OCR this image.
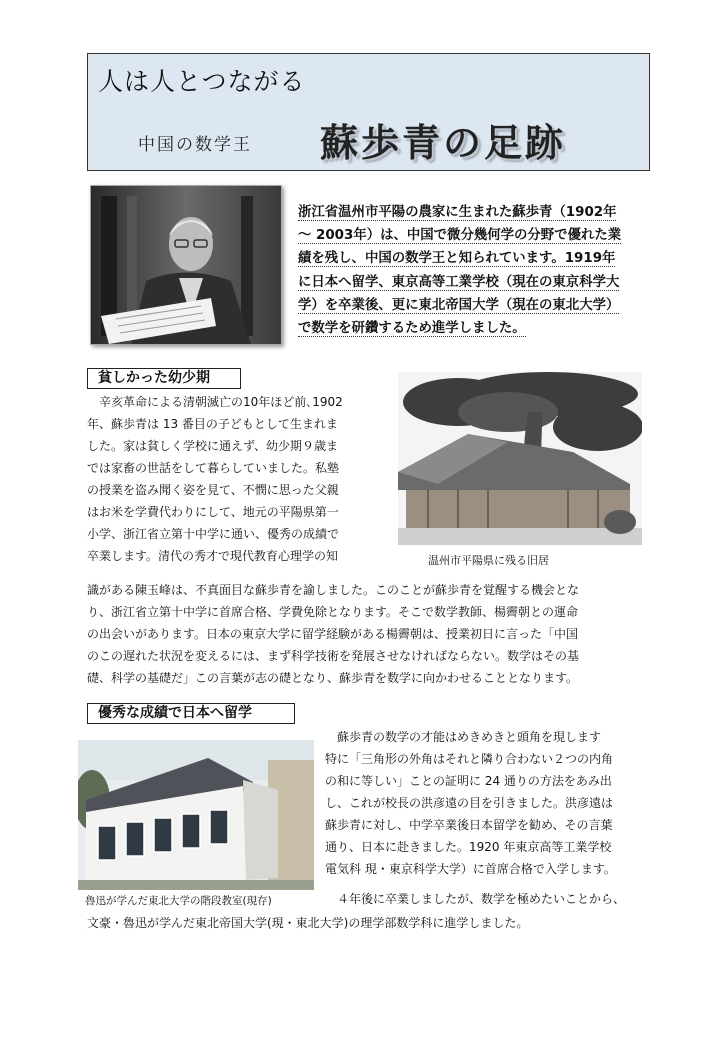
人は人とつながる
中国の数学王 蘇歩青の足跡
浙江省温州市平陽の農家に生まれた蘇歩青（1902年
～ 2003年）は、中国で微分幾何学の分野で優れた業
績を残し、中国の数学王と知られています。1919年
に日本へ留学、東京高等工業学校（現在の東京科学大
学）を卒業後、更に東北帝国大学（現在の東北大学）
で数学を研鑽するため進学しました。
貧しかった幼少期
　辛亥革命による清朝滅亡の10年ほど前､1902
年、蘇歩青は 13 番目の子どもとして生まれま
した。家は貧しく学校に通えず、幼少期９歳ま
では家畜の世話をして暮らしていました。私塾
の授業を盗み聞く姿を見て、不憫に思った父親
はお米を学費代わりにして、地元の平陽県第一
小学、浙江省立第十中学に通い、優秀の成績で
卒業します。清代の秀才で現代教育心理学の知	温州市平陽県に残る旧居
識がある陳玉峰は、不真面目な蘇歩青を諭しました。このことが蘇歩青を覚醒する機会とな
り、浙江省立第十中学に首席合格、学費免除となります。そこで数学教師、楊霽朝との運命
の出会いがあります。日本の東京大学に留学経験がある楊霽朝は、授業初日に言った「中国
のこの遅れた状況を変えるには、まず科学技術を発展させなければならない。数学はその基
礎、科学の基礎だ」この言葉が志の礎となり、蘇歩青を数学に向かわせることとなります。
優秀な成績で日本へ留学
魯迅が学んだ東北大学の階段教室(現存)
　蘇歩青の数学の才能はめきめきと頭角を現します
特に「三角形の外角はそれと隣り合わない２つの内角
の和に等しい」ことの証明に 24 通りの方法をあみ出
し、これが校長の洪彦遠の目を引きました。洪彦遠は
蘇歩青に対し、中学卒業後日本留学を勧め、その言葉
通り、日本に赴きました。1920 年東京高等工業学校
電気科 現・東京科学大学）に首席合格で入学します。
　４年後に卒業しましたが、数学を極めたいことから、
文豪・魯迅が学んだ東北帝国大学(現・東北大学)の理学部数学科に進学しました。
